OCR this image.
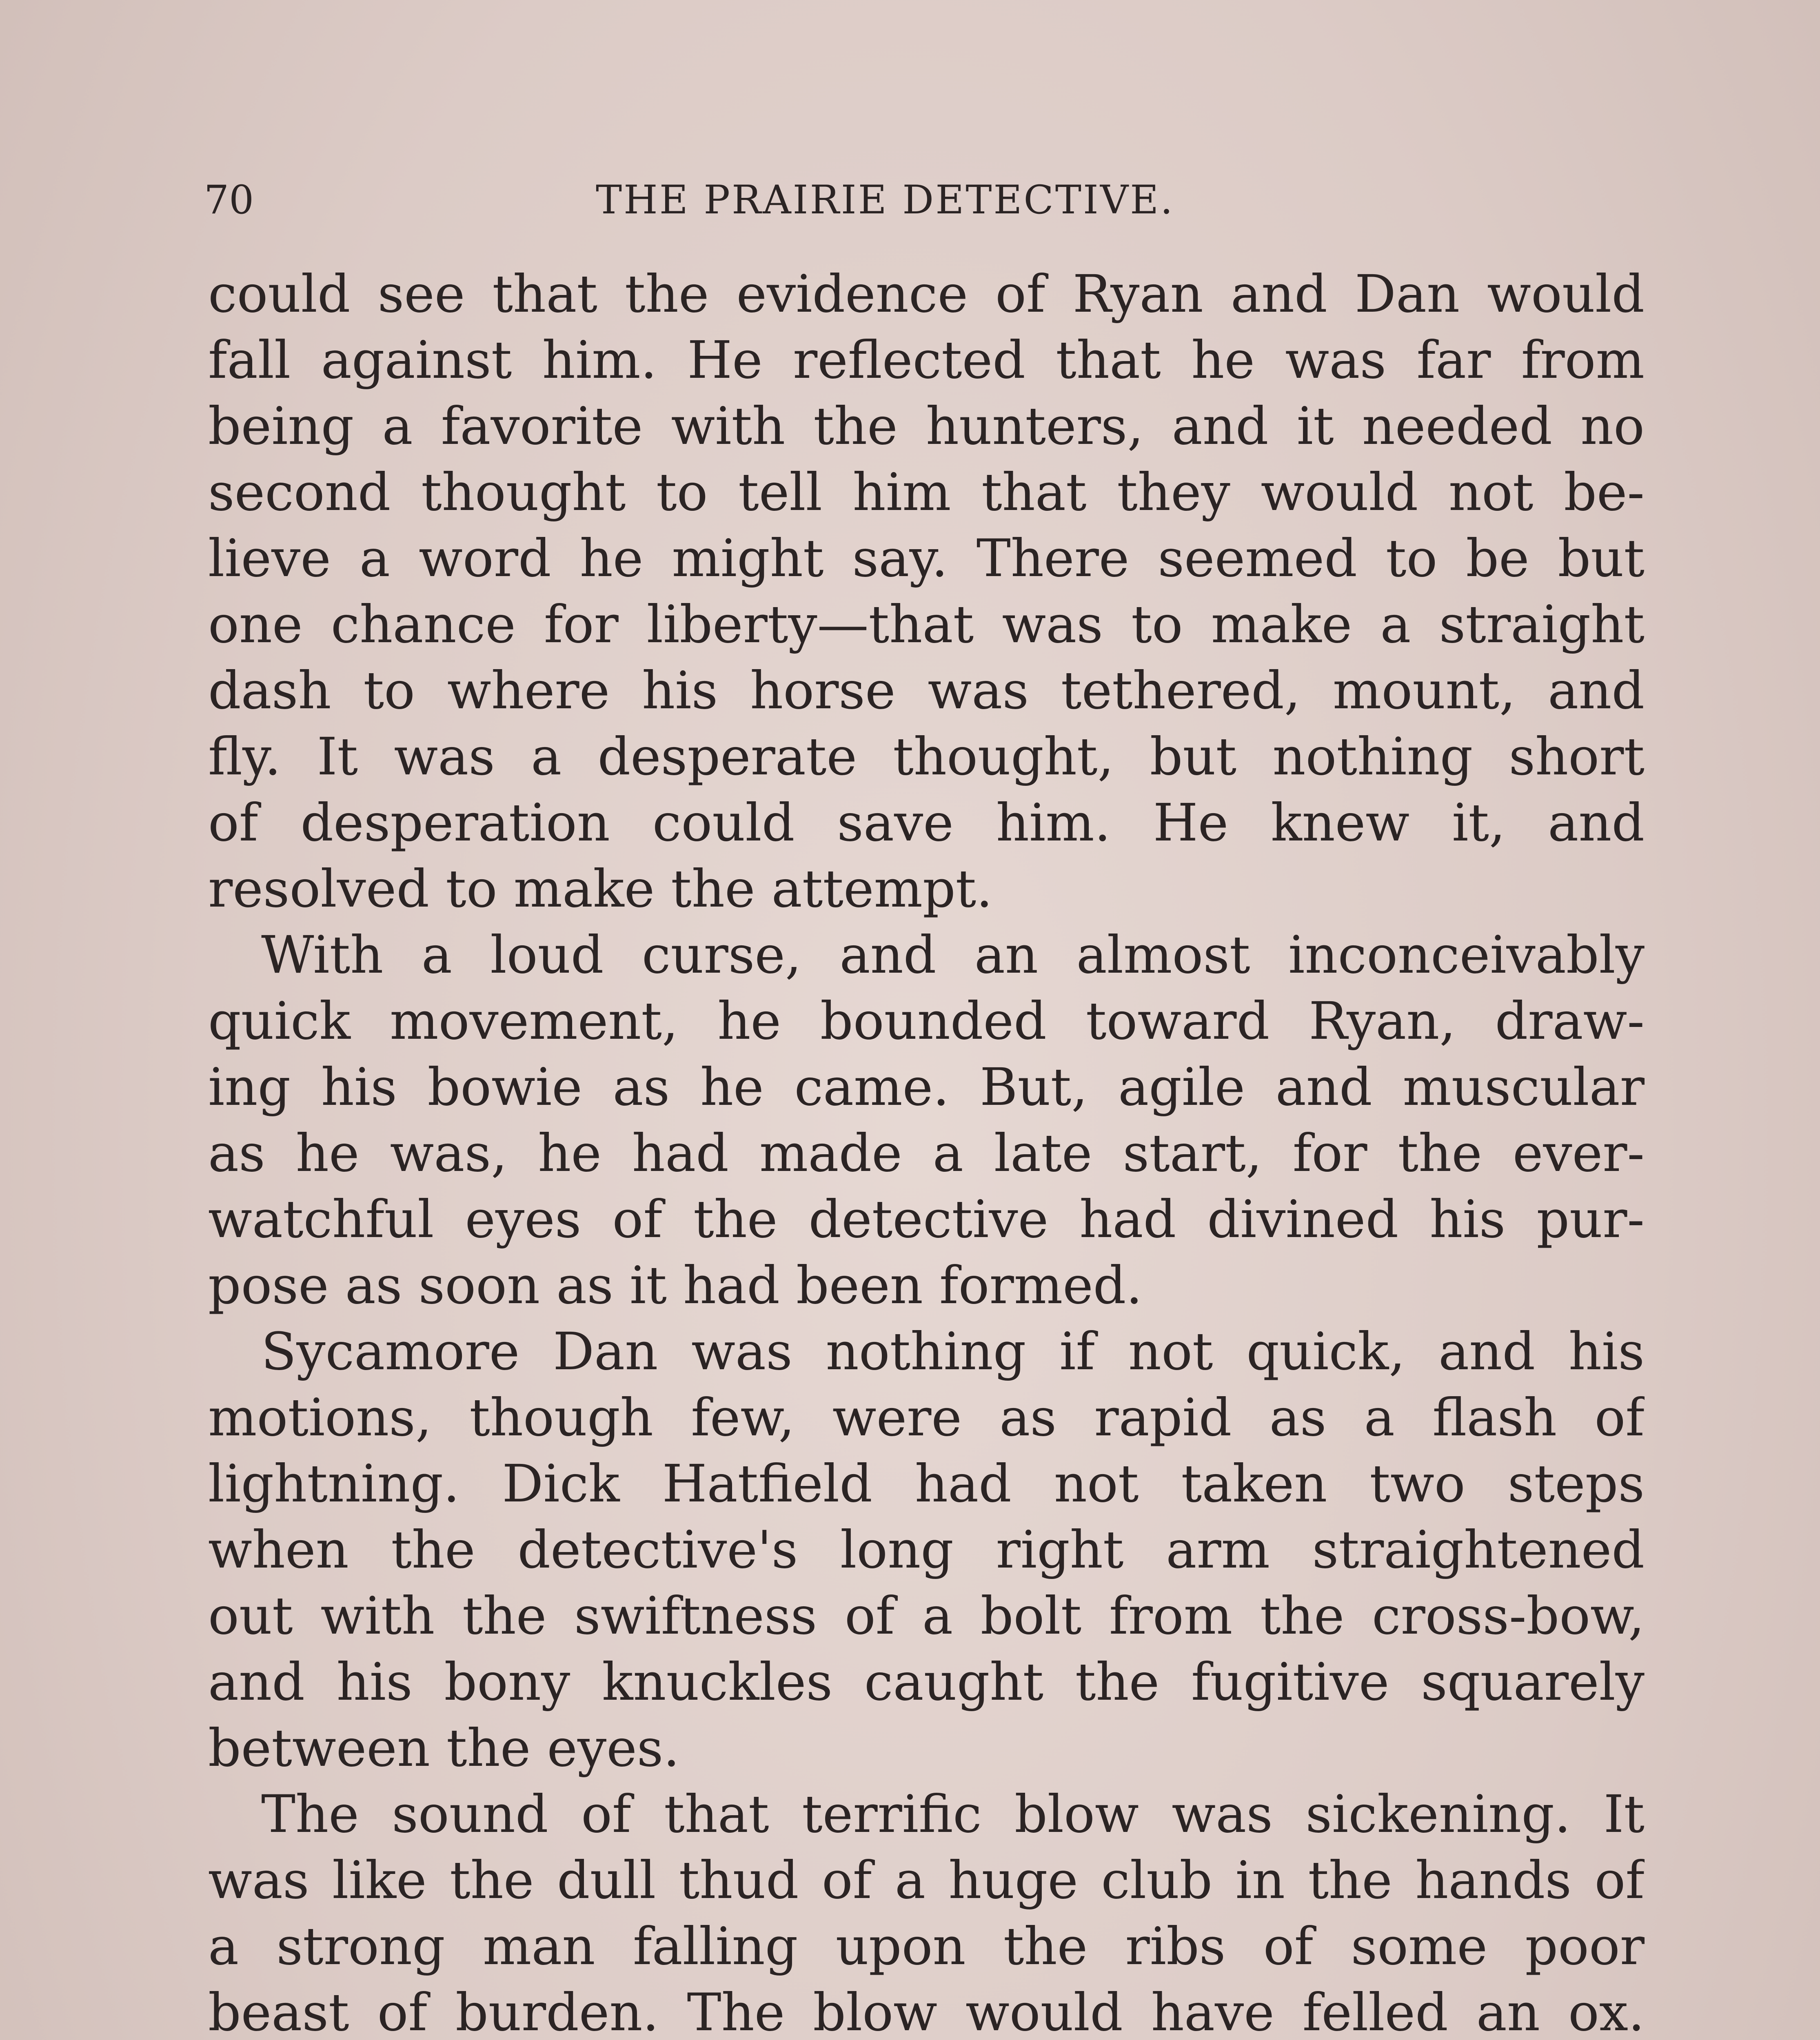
70	THE PRAIRIE DETECTIVE.
could see that the evidence of Ryan and Dan would
fall against him. He reflected that he was far from
being a favorite with the hunters, and it needed no
second thought to tell him that they would not be-
lieve a word he might say. There seemed to be but
one chance for liberty—that was to make a straight
dash to where his horse was tethered, mount, and
fly. It was a desperate thought, but nothing short
of desperation could save him. He knew it, and
resolved to make the attempt.
With a loud curse, and an almost inconceivably
quick movement, he bounded toward Ryan, draw-
ing his bowie as he came. But, agile and muscular
as he was, he had made a late start, for the ever-
watchful eyes of the detective had divined his pur-
pose as soon as it had been formed.
Sycamore Dan was nothing if not quick, and his
motions, though few, were as rapid as a flash of
lightning. Dick Hatfield had not taken two steps
when the detective's long right arm straightened
out with the swiftness of a bolt from the cross-bow,
and his bony knuckles caught the fugitive squarely
between the eyes.
The sound of that terrific blow was sickening. It
was like the dull thud of a huge club in the hands of
a strong man falling upon the ribs of some poor
beast of burden. The blow would have felled an ox.
